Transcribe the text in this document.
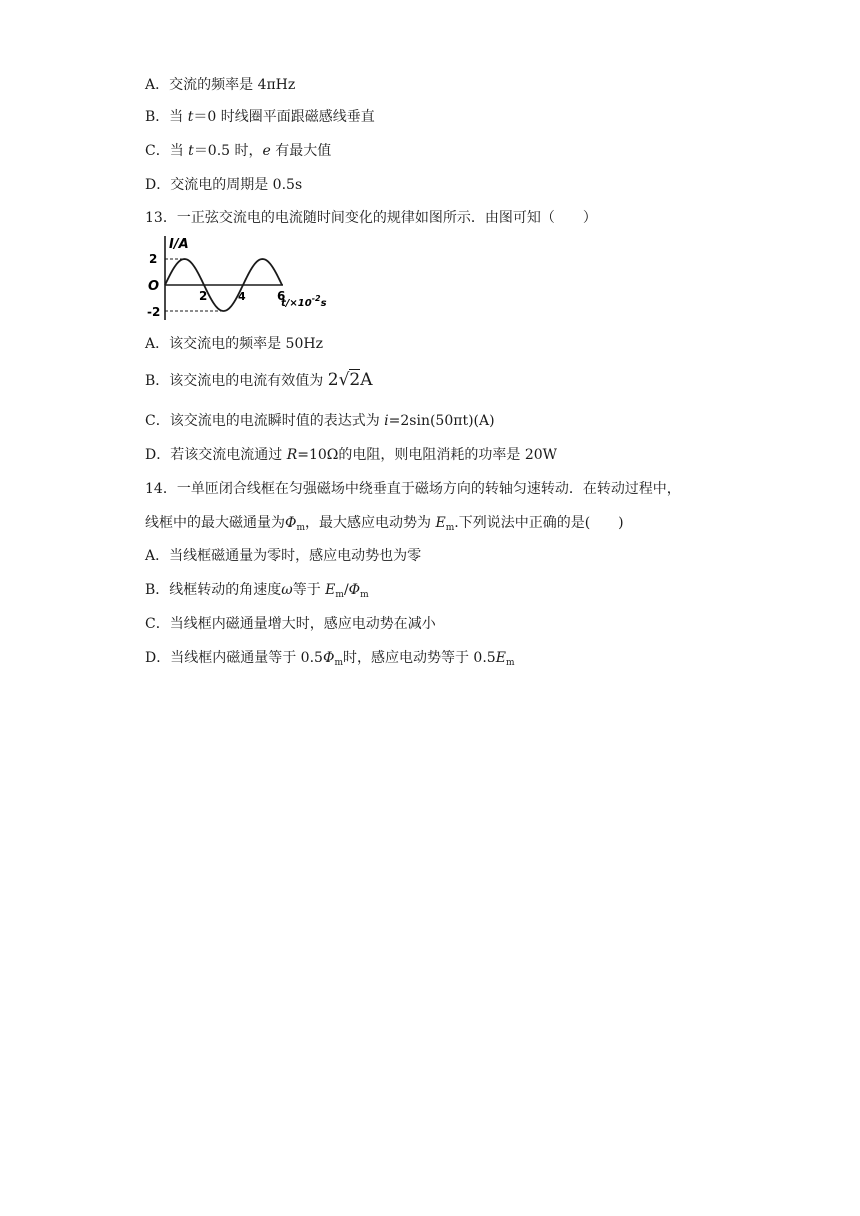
A．交流的频率是 4πHz
B．当 t＝0 时线圈平面跟磁感线垂直
C．当 t＝0.5 时，e 有最大值
D．交流电的周期是 0.5s
13．一正弦交流电的电流随时间变化的规律如图所示．由图可知（　　）
I/A
2
-2
O
2	4	6
$t/\times 10^{-2}s$
A．该交流电的频率是 50Hz
B．该交流电的电流有效值为 2√2A
C．该交流电的电流瞬时值的表达式为 i=2sin(50πt)(A)
D．若该交流电流通过 R=10Ω的电阻，则电阻消耗的功率是 20W
14．一单匝闭合线框在匀强磁场中绕垂直于磁场方向的转轴匀速转动．在转动过程中，
线框中的最大磁通量为$\Phi_m$，最大感应电动势为 $E_m$.下列说法中正确的是(　　)
A．当线框磁通量为零时，感应电动势也为零
B．线框转动的角速度ω等于 $E_m/\Phi_m$
C．当线框内磁通量增大时，感应电动势在减小
D．当线框内磁通量等于 $0.5\Phi_m$时，感应电动势等于 $0.5E_m$
